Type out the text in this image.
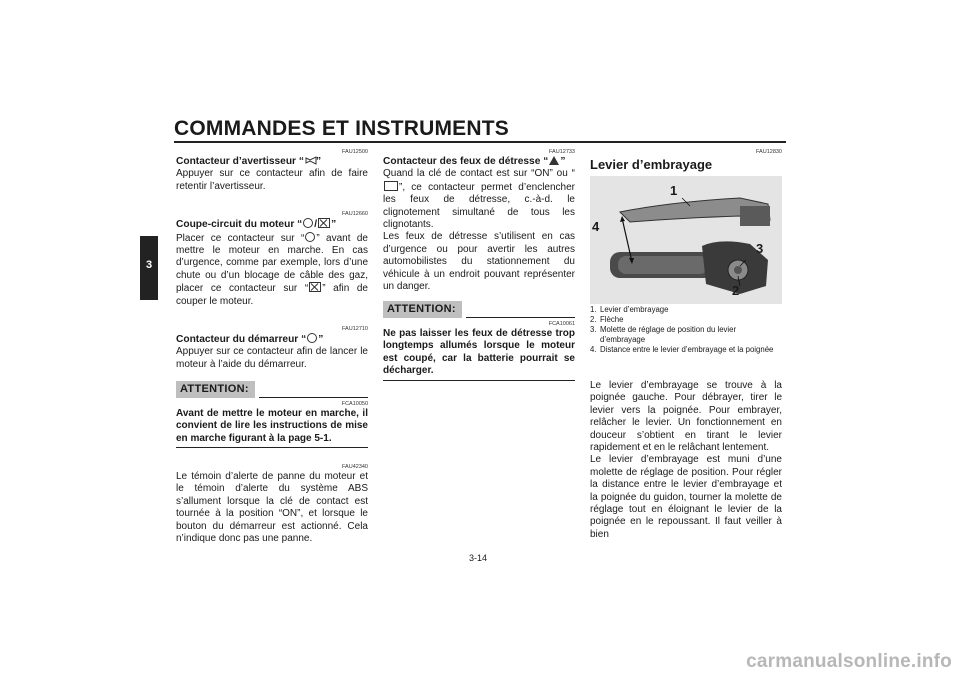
COMMANDES ET INSTRUMENTS
3
FAU12500
Contacteur d’avertisseur “ ”
Appuyer sur ce contacteur afin de faire retentir l’avertisseur.
FAU12660
Coupe-circuit du moteur “ / ”
Placer ce contacteur sur “ ” avant de mettre le moteur en marche. En cas d’urgence, comme par exemple, lors d’une chute ou d’un blocage de câble des gaz, placer ce contacteur sur “ ” afin de couper le moteur.
FAU12710
Contacteur du démarreur “ ”
Appuyer sur ce contacteur afin de lancer le moteur à l’aide du démarreur.
ATTENTION:
FCA10050
Avant de mettre le moteur en marche, il convient de lire les instructions de mise en marche figurant à la page 5-1.
FAU42340
Le témoin d’alerte de panne du moteur et le témoin d’alerte du système ABS s’allument lorsque la clé de contact est tournée à la position “ON”, et lorsque le bouton du démarreur est actionné. Cela n’indique donc pas une panne.
FAU12733
Contacteur des feux de détresse “ ”
Quand la clé de contact est sur “ON” ou “”, ce contacteur permet d’enclencher les feux de détresse, c.-à-d. le clignotement simultané de tous les clignotants.
Les feux de détresse s’utilisent en cas d’urgence ou pour avertir les autres automobilistes du stationnement du véhicule à un endroit pouvant représenter un danger.
ATTENTION:
FCA10061
Ne pas laisser les feux de détresse trop longtemps allumés lorsque le moteur est coupé, car la batterie pourrait se décharger.
FAU12830
Levier d’embrayage
1
4
3
2
1. Levier d’embrayage
2. Flèche
3. Molette de réglage de position du levier d’embrayage
4. Distance entre le levier d’embrayage et la poignée
Le levier d’embrayage se trouve à la poignée gauche. Pour débrayer, tirer le levier vers la poignée. Pour embrayer, relâcher le levier. Un fonctionnement en douceur s’obtient en tirant le levier rapidement et en le relâchant lentement.
Le levier d’embrayage est muni d’une molette de réglage de position. Pour régler la distance entre le levier d’embrayage et la poignée du guidon, tourner la molette de réglage tout en éloignant le levier de la poignée en le repoussant. Il faut veiller à bien
3-14
carmanualsonline.info
